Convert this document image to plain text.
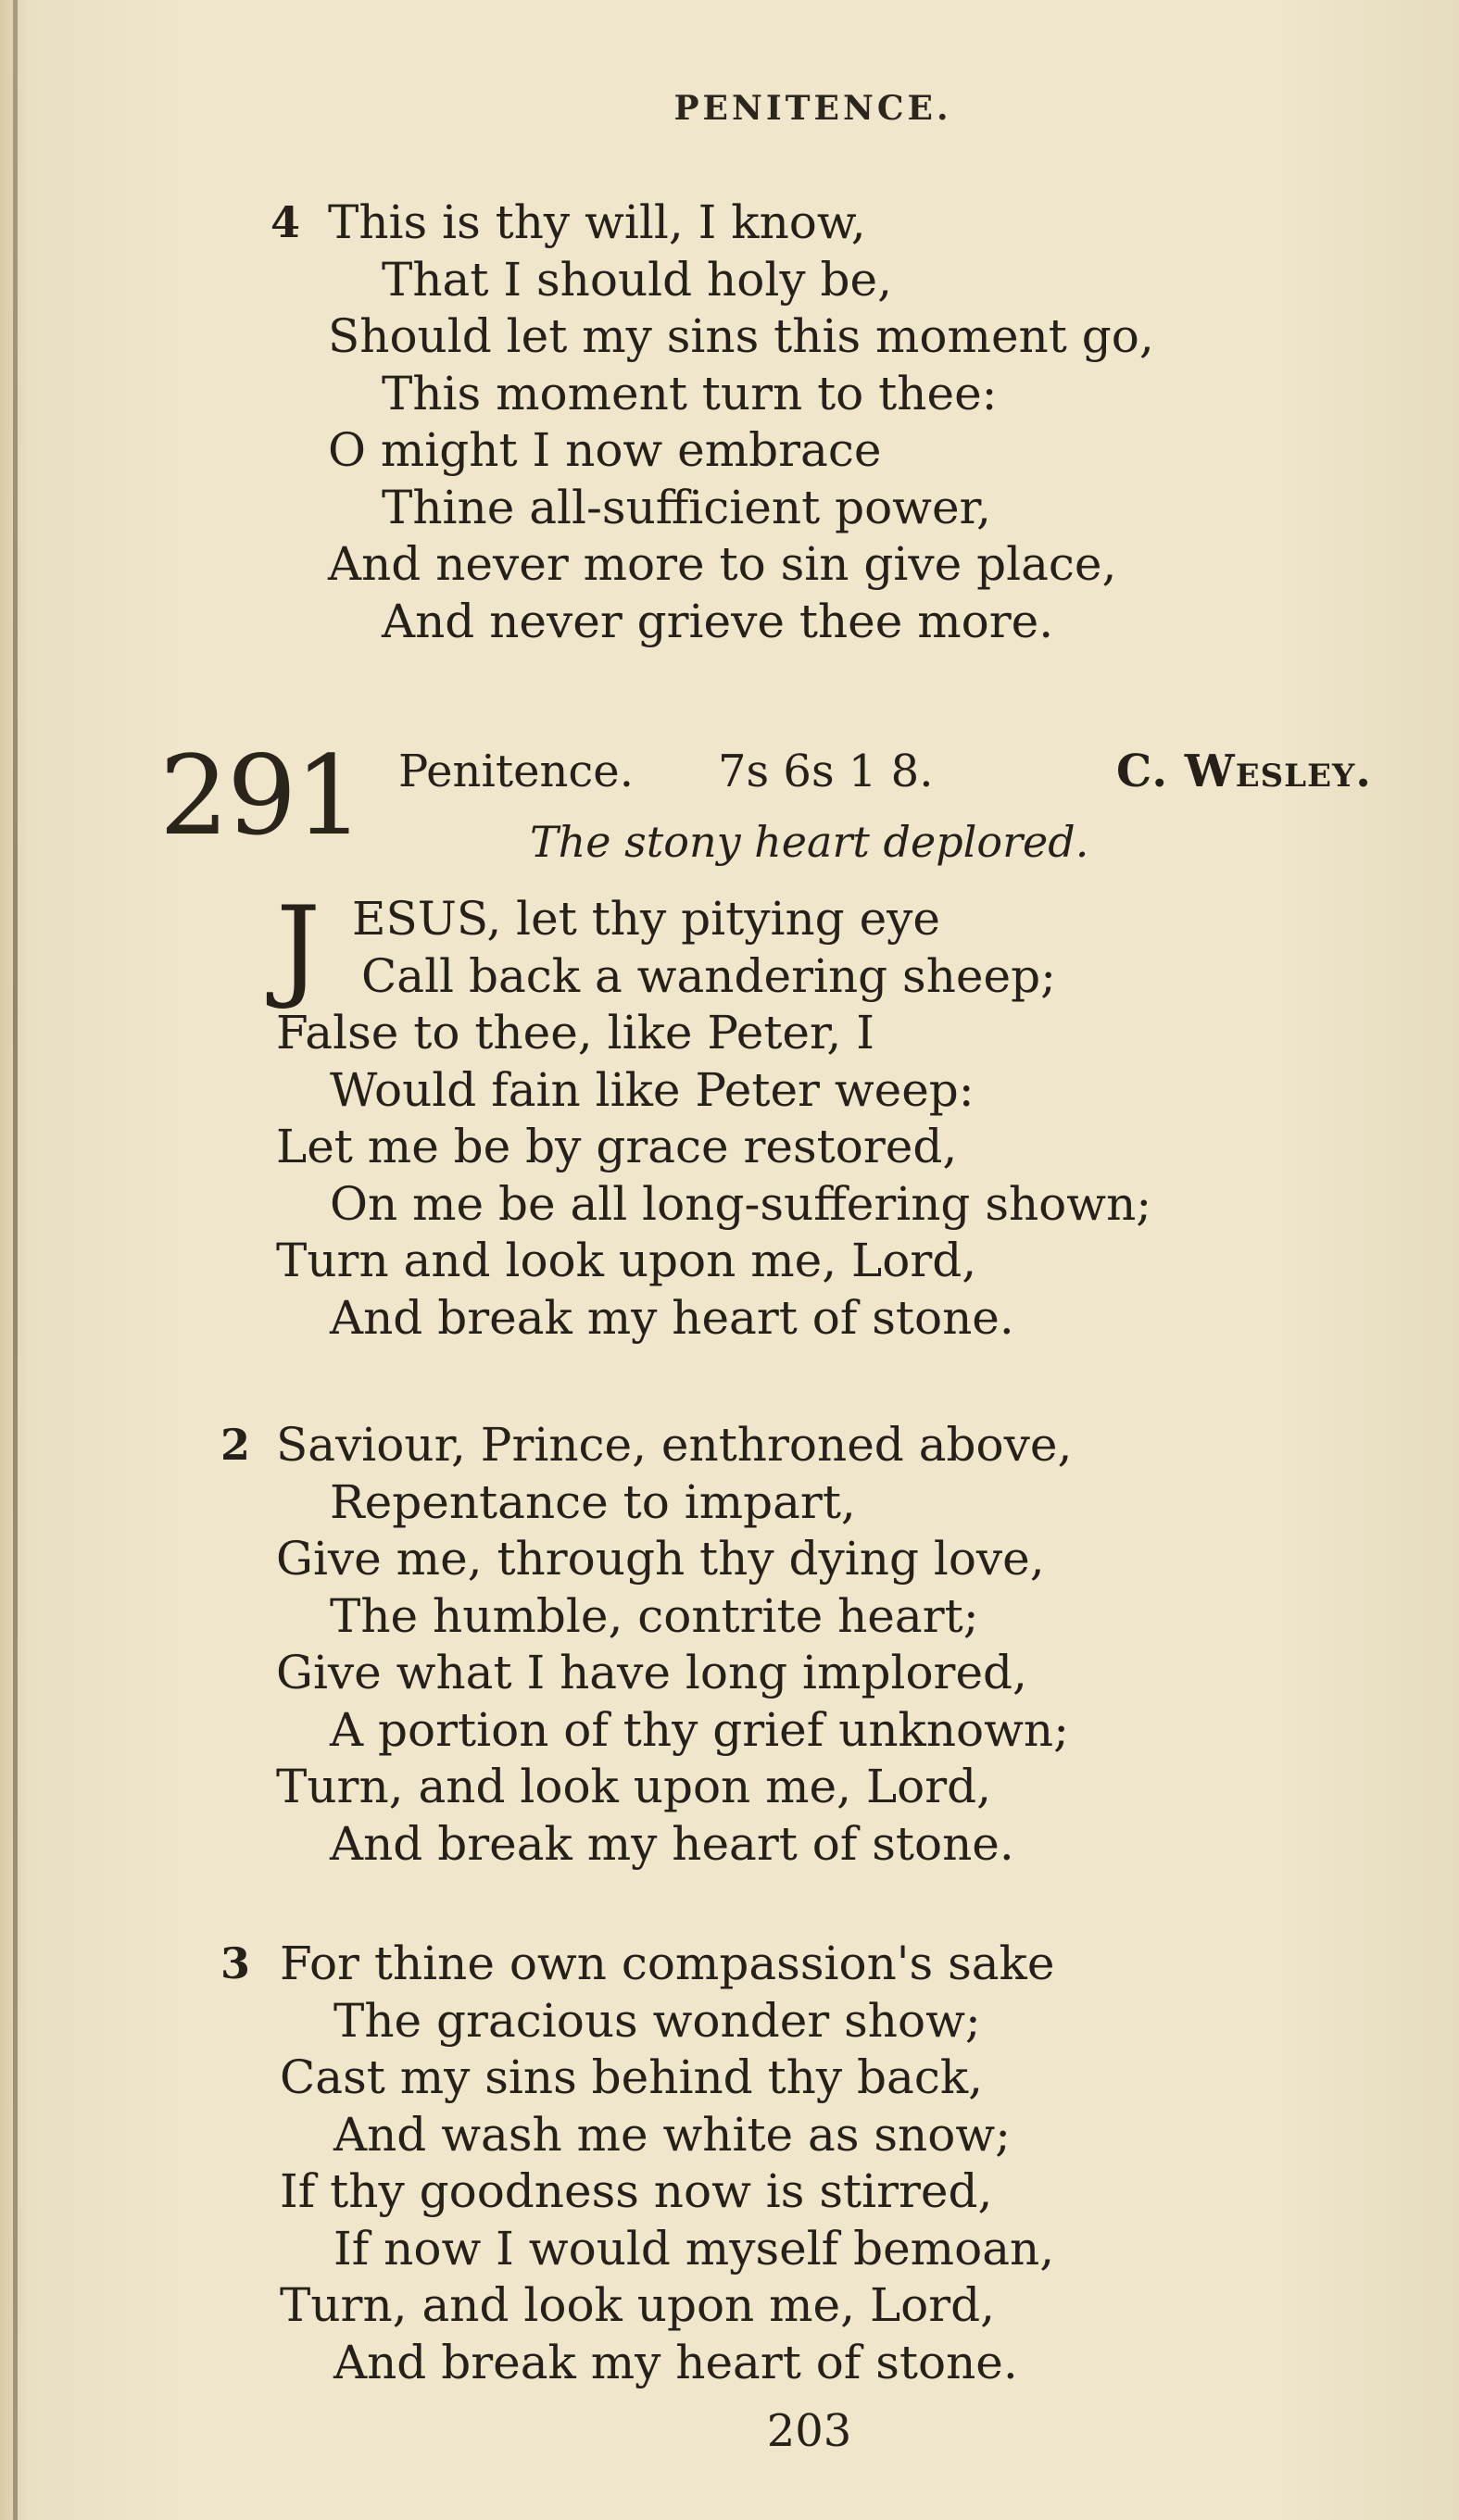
PENITENCE.
4 This is thy will, I know,
That I should holy be,
Should let my sins this moment go,
This moment turn to thee:
O might I now embrace
Thine all-sufficient power,
And never more to sin give place,
And never grieve thee more.
291 Penitence. 7s 6s 1 8.	C. Wesley.
The stony heart deplored.
J ESUS, let thy pitying eye
Call back a wandering sheep;
False to thee, like Peter, I
Would fain like Peter weep:
Let me be by grace restored,
On me be all long-suffering shown;
Turn and look upon me, Lord,
And break my heart of stone.
2 Saviour, Prince, enthroned above,
Repentance to impart,
Give me, through thy dying love,
The humble, contrite heart;
Give what I have long implored,
A portion of thy grief unknown;
Turn, and look upon me, Lord,
And break my heart of stone.
3 For thine own compassion's sake
The gracious wonder show;
Cast my sins behind thy back,
And wash me white as snow;
If thy goodness now is stirred,
If now I would myself bemoan,
Turn, and look upon me, Lord,
And break my heart of stone.
203
